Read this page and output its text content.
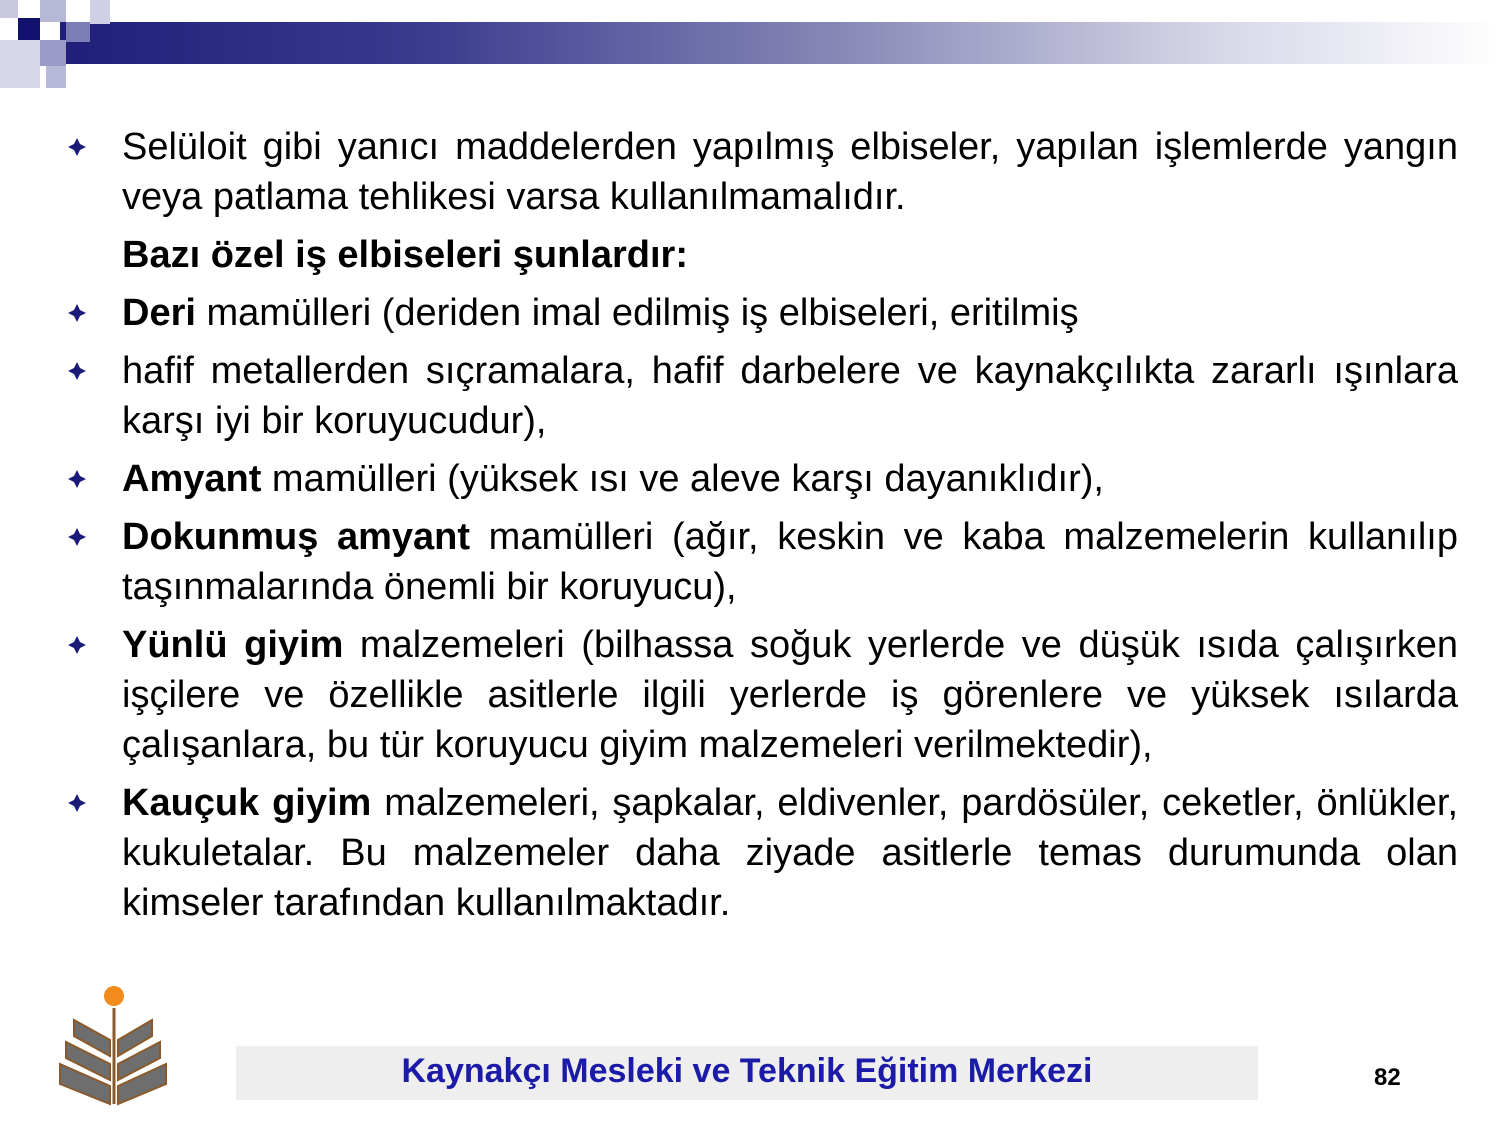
Selüloit gibi yanıcı maddelerden yapılmış elbiseler, yapılan işlemlerde yangın veya patlama tehlikesi varsa kullanılmamalıdır.
Bazı özel iş elbiseleri şunlardır:
Deri mamülleri (deriden imal edilmiş iş elbiseleri, eritilmiş
hafif metallerden sıçramalara, hafif darbelere ve kaynakçılıkta zararlı ışınlara karşı iyi bir koruyucudur),
Amyant mamülleri (yüksek ısı ve aleve karşı dayanıklıdır),
Dokunmuş amyant mamülleri (ağır, keskin ve kaba malzemelerin kullanılıp taşınmalarında önemli bir koruyucu),
Yünlü giyim malzemeleri (bilhassa soğuk yerlerde ve düşük ısıda çalışırken işçilere ve özellikle asitlerle ilgili yerlerde iş görenlere ve yüksek ısılarda çalışanlara, bu tür koruyucu giyim malzemeleri verilmektedir),
Kauçuk giyim malzemeleri, şapkalar, eldivenler, pardösüler, ceketler, önlükler, kukuletalar. Bu malzemeler daha ziyade asitlerle temas durumunda olan kimseler tarafından kullanılmaktadır.
Kaynakçı Mesleki ve Teknik Eğitim Merkezi	82
